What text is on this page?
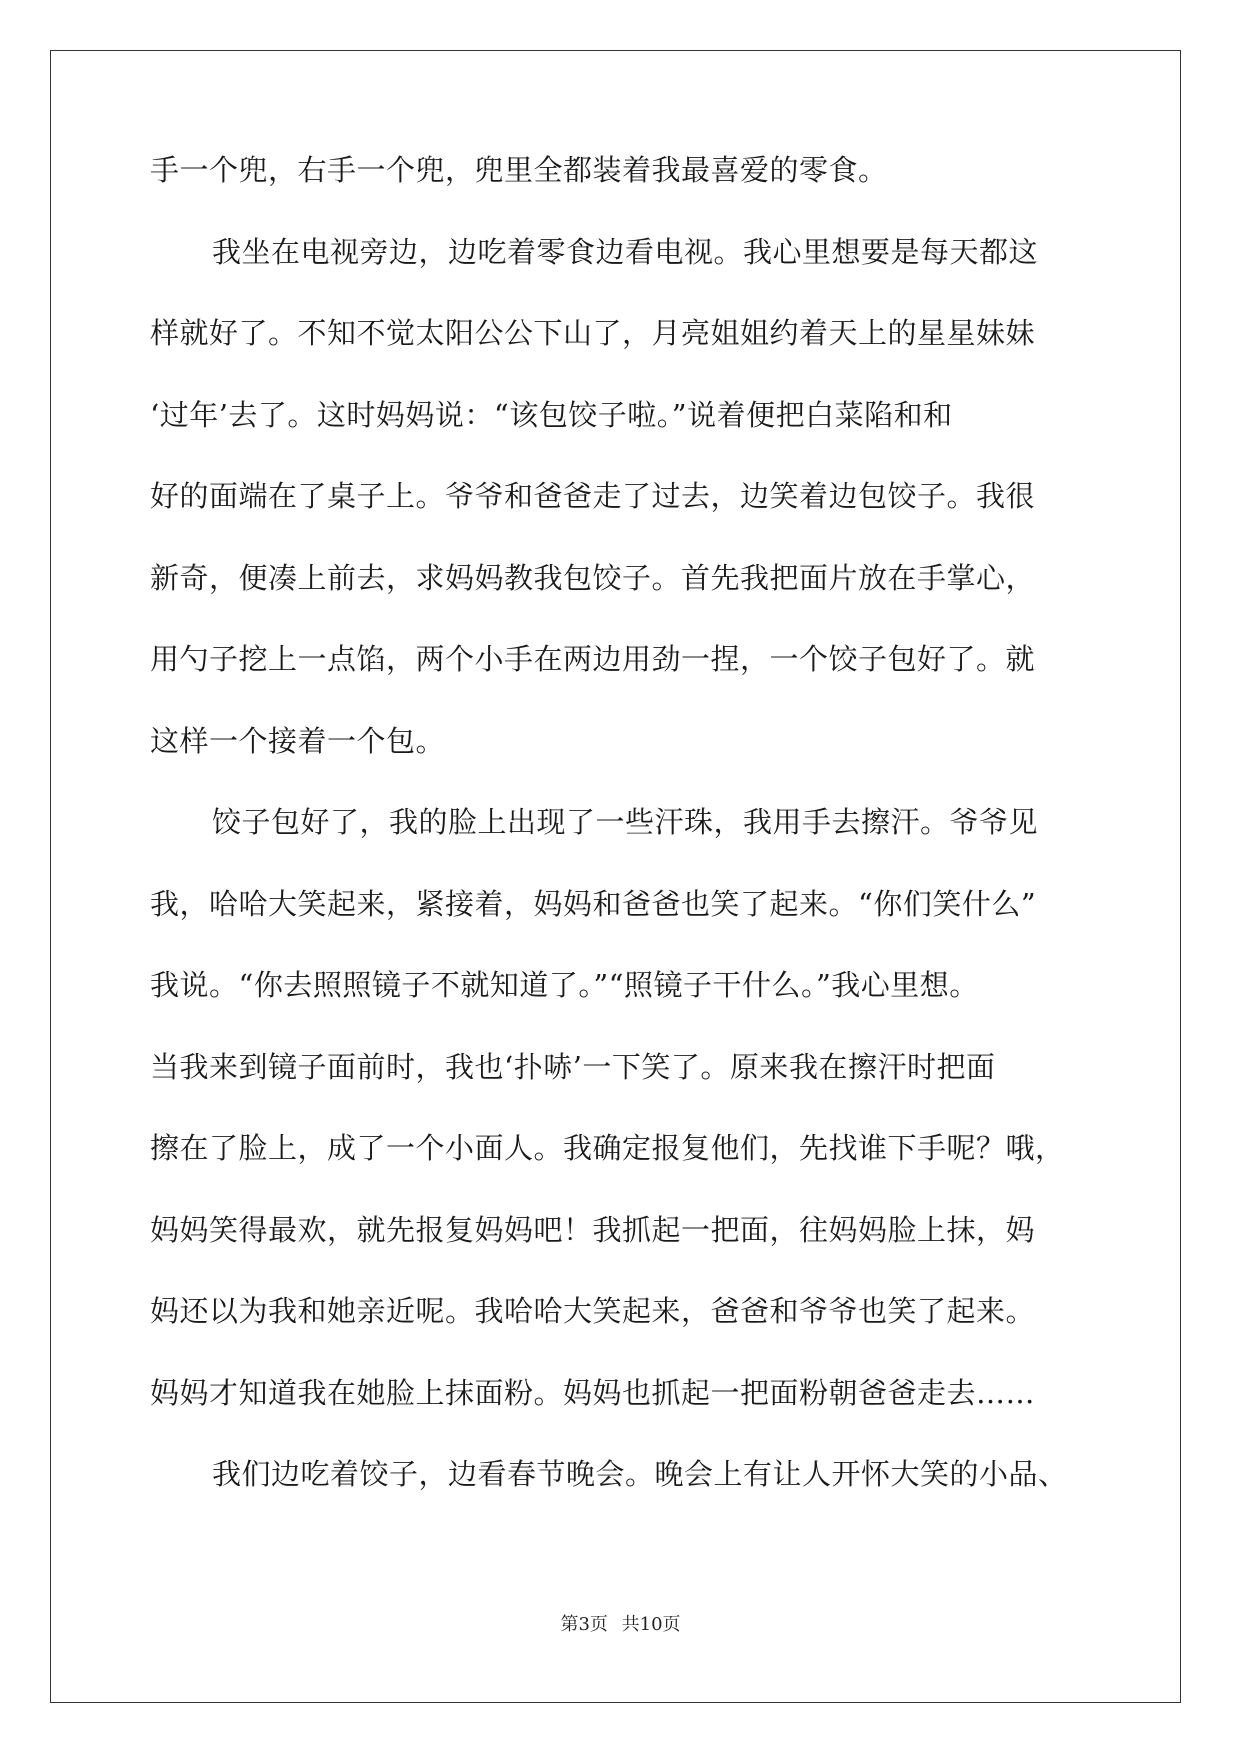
手一个兜，右手一个兜，兜里全都装着我最喜爱的零食。
我坐在电视旁边，边吃着零食边看电视。我心里想要是每天都这
样就好了。不知不觉太阳公公下山了，月亮姐姐约着天上的星星妹妹
‘过年’去了。这时妈妈说：“该包饺子啦。”说着便把白菜陷和和
好的面端在了桌子上。爷爷和爸爸走了过去，边笑着边包饺子。我很
新奇，便凑上前去，求妈妈教我包饺子。首先我把面片放在手掌心，
用勺子挖上一点馅，两个小手在两边用劲一捏，一个饺子包好了。就
这样一个接着一个包。
饺子包好了，我的脸上出现了一些汗珠，我用手去擦汗。爷爷见
我，哈哈大笑起来，紧接着，妈妈和爸爸也笑了起来。“你们笑什么”
我说。“你去照照镜子不就知道了。”“照镜子干什么。”我心里想。
当我来到镜子面前时，我也‘扑哧’一下笑了。原来我在擦汗时把面
擦在了脸上，成了一个小面人。我确定报复他们，先找谁下手呢？哦，
妈妈笑得最欢，就先报复妈妈吧！我抓起一把面，往妈妈脸上抹，妈
妈还以为我和她亲近呢。我哈哈大笑起来，爸爸和爷爷也笑了起来。
妈妈才知道我在她脸上抹面粉。妈妈也抓起一把面粉朝爸爸走去……
我们边吃着饺子，边看春节晚会。晚会上有让人开怀大笑的小品、
第3页 共10页
